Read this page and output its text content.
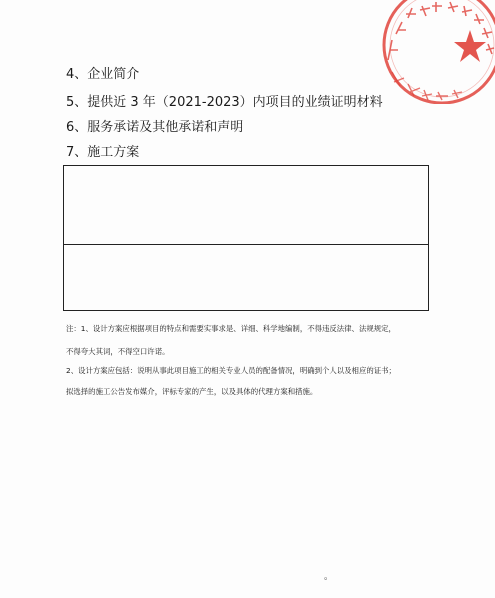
4、企业简介
5、提供近 3 年（2021-2023）内项目的业绩证明材料
6、服务承诺及其他承诺和声明
7、施工方案
注：1、设计方案应根据项目的特点和需要实事求是、详细、科学地编制，不得违反法律、法规规定，
不得夸大其词，不得空口许诺。
2、设计方案应包括：说明从事此项目施工的相关专业人员的配备情况，明确到个人以及相应的证书；
拟选择的施工公告发布媒介，评标专家的产生，以及具体的代理方案和措施。
。
